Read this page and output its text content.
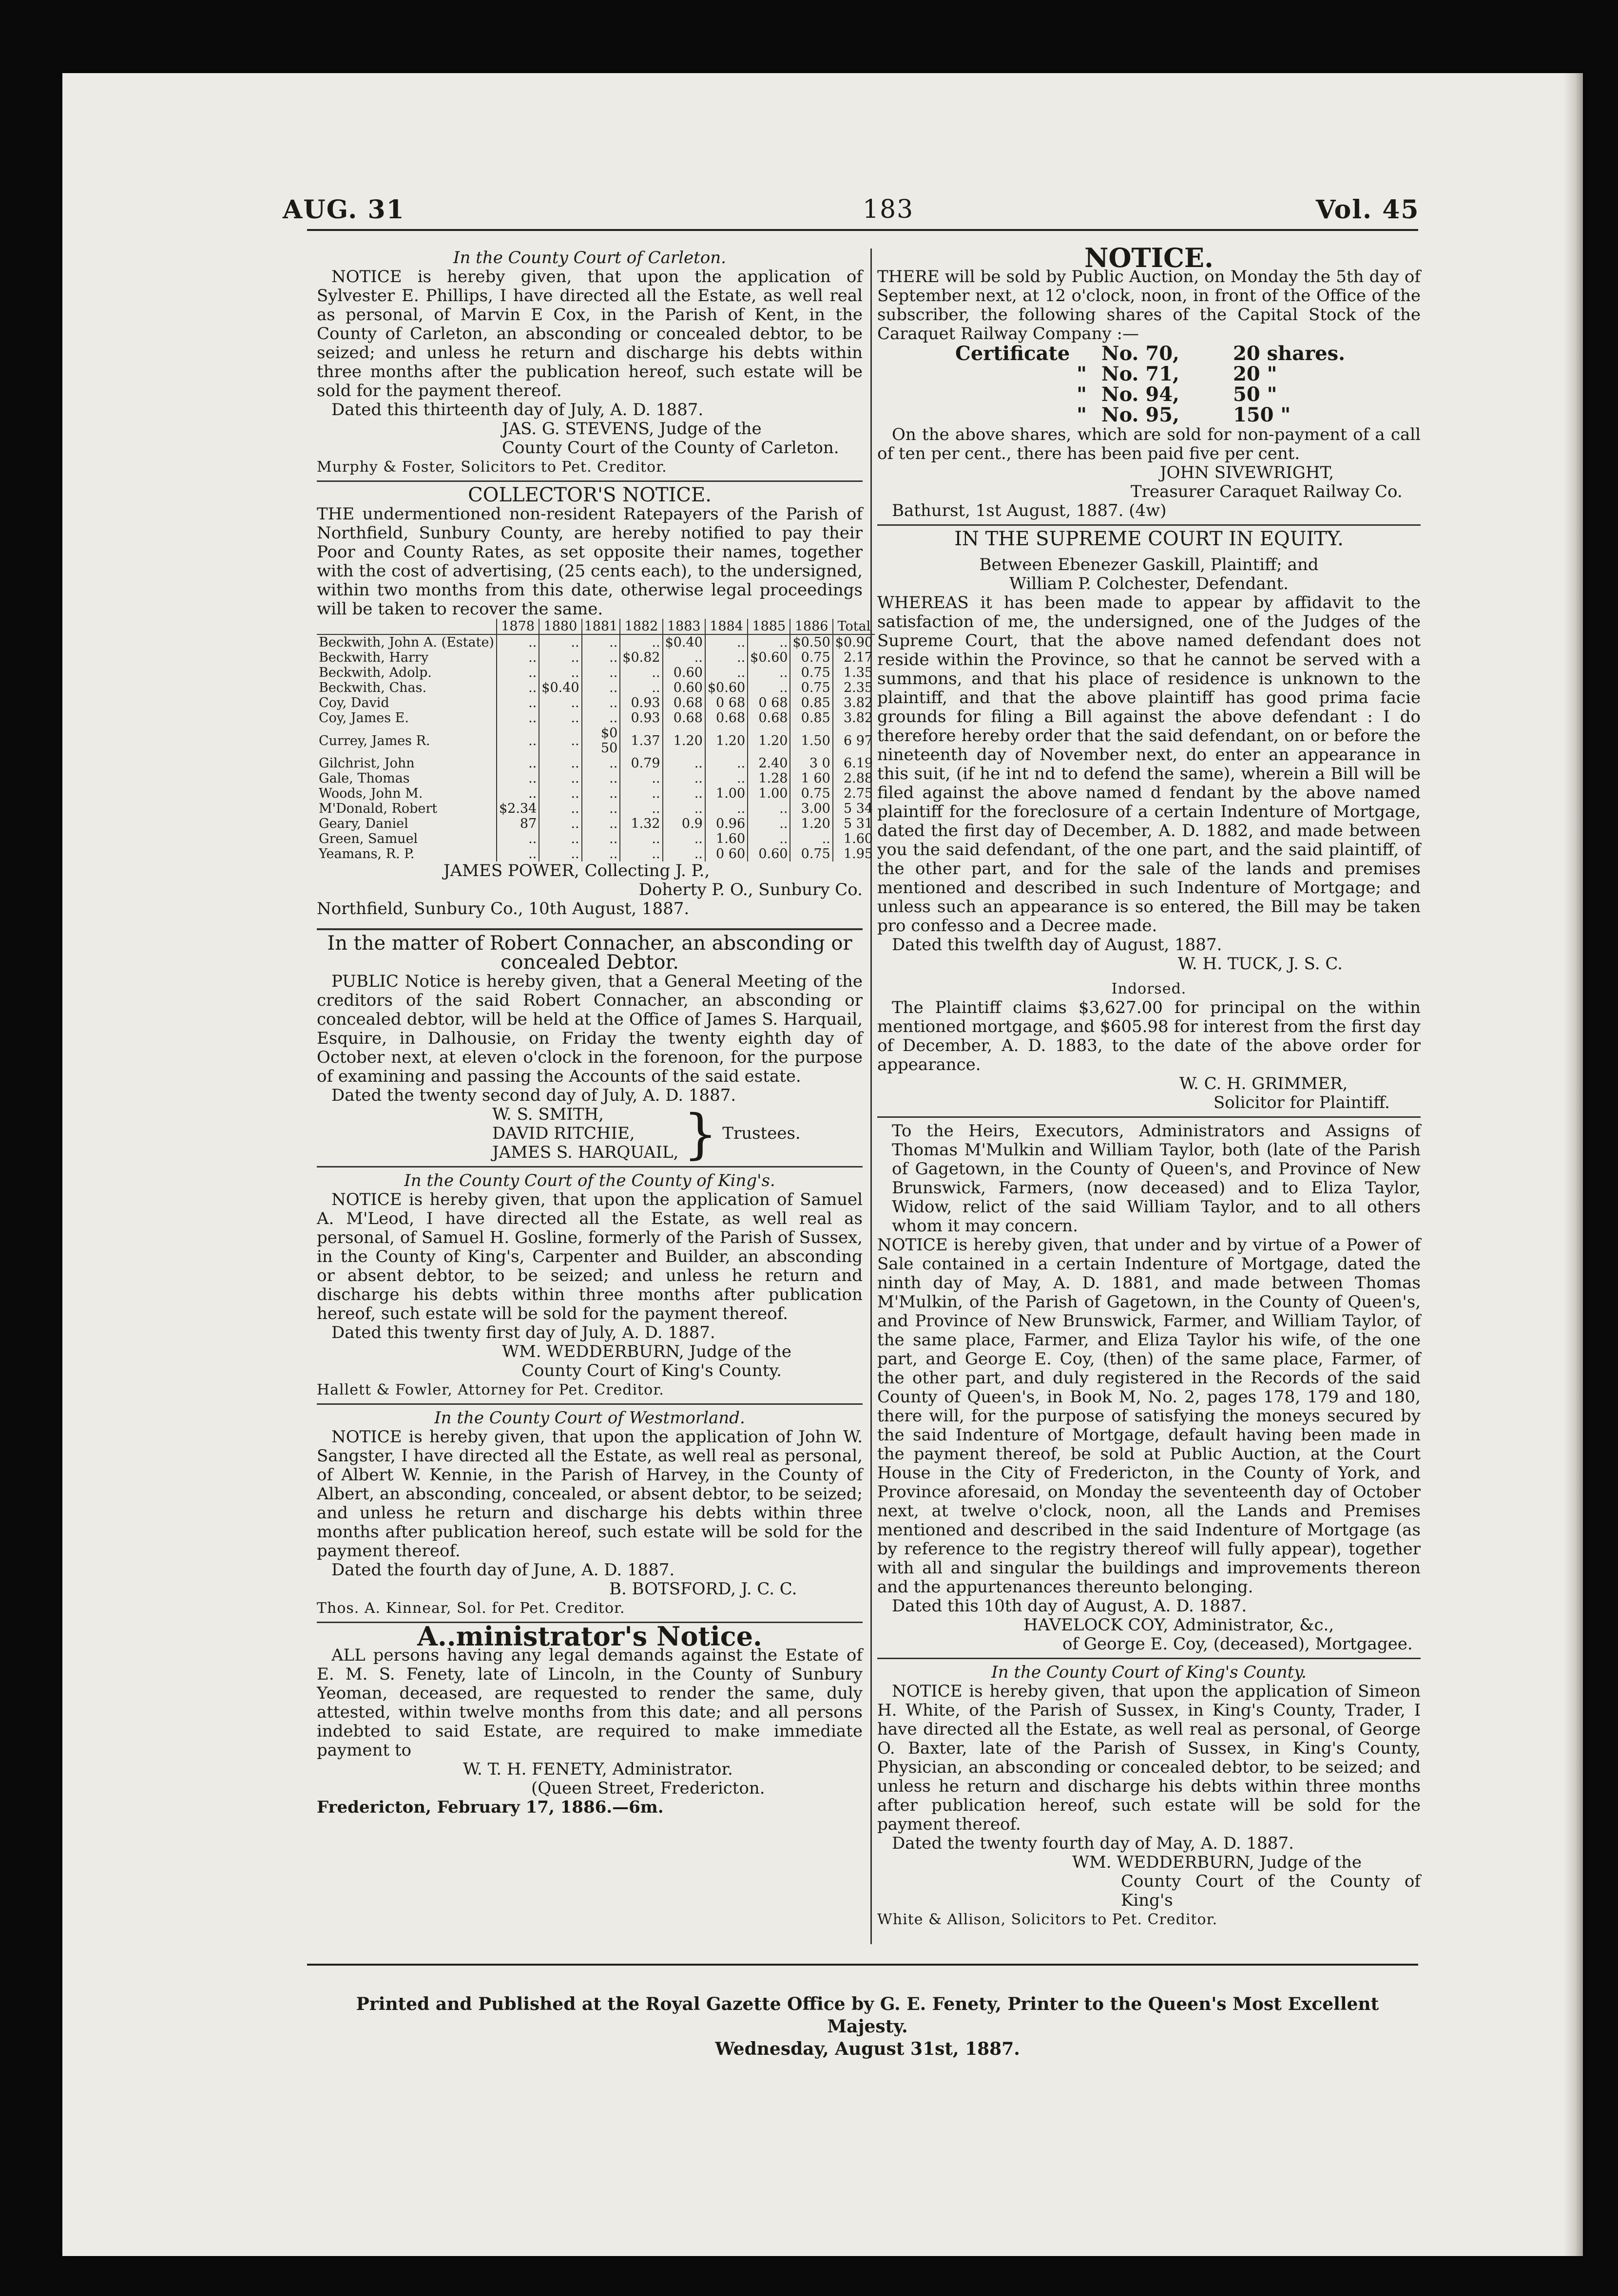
AUG. 31	183	Vol. 45

In the County Court of Carleton.

NOTICE is hereby given, that upon the application of Sylvester E. Phillips, I have directed all the Estate, as well real as personal, of Marvin E Cox, in the Parish of Kent, in the County of Carleton, an absconding or concealed debtor, to be seized; and unless he return and discharge his debts within three months after the publication hereof, such estate will be sold for the payment thereof.

Dated this thirteenth day of July, A. D. 1887.

JAS. G. STEVENS, Judge of the

County Court of the County of Carleton.

Murphy & Foster, Solicitors to Pet. Creditor.

COLLECTOR'S NOTICE.

THE undermentioned non-resident Ratepayers of the Parish of Northfield, Sunbury County, are hereby notified to pay their Poor and County Rates, as set opposite their names, together with the cost of advertising, (25 cents each), to the undersigned, within two months from this date, otherwise legal proceedings will be taken to recover the same.

	1878	1880	1881	1882	1883	1884	1885	1886	Total
Beckwith, John A. (Estate)	..	..	..	..	$0.40	..	..	$0.50	$0.90
Beckwith, Harry	..	..	..	$0.82	..	..	$0.60	0.75	2.17
Beckwith, Adolp.	..	..	..	..	0.60	..	..	0.75	1.35
Beckwith, Chas.	..	$0.40	..	..	0.60	$0.60	..	0.75	2.35
Coy, David	..	..	..	0.93	0.68	0 68	0 68	0.85	3.82
Coy, James E.	..	..	..	0.93	0.68	0.68	0.68	0.85	3.82
Currey, James R.	..	..	$0 50	1.37	1.20	1.20	1.20	1.50	6 97
Gilchrist, John	..	..	..	0.79	..	..	2.40	3 0	6.19
Gale, Thomas	..	..	..	..	..	..	1.28	1 60	2.88
Woods, John M.	..	..	..	..	..	1.00	1.00	0.75	2.75
M'Donald, Robert	$2.34	..	..	..	..	..	..	3.00	5 34
Geary, Daniel	87	..	..	1.32	0.9	0.96	..	1.20	5 31
Green, Samuel	..	..	..	..	..	1.60	..	..	1.60
Yeamans, R. P.	..	..	..	..	..	0 60	0.60	0.75	1.95

JAMES POWER, Collecting J. P.,

Doherty P. O., Sunbury Co.

Northfield, Sunbury Co., 10th August, 1887.

In the matter of Robert Connacher, an absconding or concealed Debtor.

PUBLIC Notice is hereby given, that a General Meeting of the creditors of the said Robert Connacher, an absconding or concealed debtor, will be held at the Office of James S. Harquail, Esquire, in Dalhousie, on Friday the twenty eighth day of October next, at eleven o'clock in the forenoon, for the purpose of examining and passing the Accounts of the said estate.

Dated the twenty second day of July, A. D. 1887.

W. S. SMITH,

DAVID RITCHIE,

JAMES S. HARQUAIL, } Trustees.

In the County Court of the County of King's.

NOTICE is hereby given, that upon the application of Samuel A. M'Leod, I have directed all the Estate, as well real as personal, of Samuel H. Gosline, formerly of the Parish of Sussex, in the County of King's, Carpenter and Builder, an absconding or absent debtor, to be seized; and unless he return and discharge his debts within three months after publication hereof, such estate will be sold for the payment thereof.

Dated this twenty first day of July, A. D. 1887.

WM. WEDDERBURN, Judge of the

County Court of King's County.

Hallett & Fowler, Attorney for Pet. Creditor.

In the County Court of Westmorland.

NOTICE is hereby given, that upon the application of John W. Sangster, I have directed all the Estate, as well real as personal, of Albert W. Kennie, in the Parish of Harvey, in the County of Albert, an absconding, concealed, or absent debtor, to be seized; and unless he return and discharge his debts within three months after publication hereof, such estate will be sold for the payment thereof.

Dated the fourth day of June, A. D. 1887.

B. BOTSFORD, J. C. C.

Thos. A. Kinnear, Sol. for Pet. Creditor.

A..ministrator's Notice.

ALL persons having any legal demands against the Estate of E. M. S. Fenety, late of Lincoln, in the County of Sunbury Yeoman, deceased, are requested to render the same, duly attested, within twelve months from this date; and all persons indebted to said Estate, are required to make immediate payment to

W. T. H. FENETY, Administrator.

(Queen Street, Fredericton.

Fredericton, February 17, 1886.—6m.

NOTICE.

THERE will be sold by Public Auction, on Monday the 5th day of September next, at 12 o'clock, noon, in front of the Office of the subscriber, the following shares of the Capital Stock of the Caraquet Railway Company :—

Certificate No. 70,	20 shares.
" No. 71,	20 "
" No. 94,	50 "
" No. 95,	150 "

On the above shares, which are sold for non-payment of a call of ten per cent., there has been paid five per cent.

JOHN SIVEWRIGHT,

Treasurer Caraquet Railway Co.

Bathurst, 1st August, 1887. (4w)

IN THE SUPREME COURT IN EQUITY.

Between Ebenezer Gaskill, Plaintiff; and

William P. Colchester, Defendant.

WHEREAS it has been made to appear by affidavit to the satisfaction of me, the undersigned, one of the Judges of the Supreme Court, that the above named defendant does not reside within the Province, so that he cannot be served with a summons, and that his place of residence is unknown to the plaintiff, and that the above plaintiff has good prima facie grounds for filing a Bill against the above defendant : I do therefore hereby order that the said defendant, on or before the nineteenth day of November next, do enter an appearance in this suit, (if he int nd to defend the same), wherein a Bill will be filed against the above named d fendant by the above named plaintiff for the foreclosure of a certain Indenture of Mortgage, dated the first day of December, A. D. 1882, and made between you the said defendant, of the one part, and the said plaintiff, of the other part, and for the sale of the lands and premises mentioned and described in such Indenture of Mortgage; and unless such an appearance is so entered, the Bill may be taken pro confesso and a Decree made.

Dated this twelfth day of August, 1887.

W. H. TUCK, J. S. C.

Indorsed.

The Plaintiff claims $3,627.00 for principal on the within mentioned mortgage, and $605.98 for interest from the first day of December, A. D. 1883, to the date of the above order for appearance.

W. C. H. GRIMMER,

Solicitor for Plaintiff.

To the Heirs, Executors, Administrators and Assigns of Thomas M'Mulkin and William Taylor, both (late of the Parish of Gagetown, in the County of Queen's, and Province of New Brunswick, Farmers, (now deceased) and to Eliza Taylor, Widow, relict of the said William Taylor, and to all others whom it may concern.

NOTICE is hereby given, that under and by virtue of a Power of Sale contained in a certain Indenture of Mortgage, dated the ninth day of May, A. D. 1881, and made between Thomas M'Mulkin, of the Parish of Gagetown, in the County of Queen's, and Province of New Brunswick, Farmer, and William Taylor, of the same place, Farmer, and Eliza Taylor his wife, of the one part, and George E. Coy, (then) of the same place, Farmer, of the other part, and duly registered in the Records of the said County of Queen's, in Book M, No. 2, pages 178, 179 and 180, there will, for the purpose of satisfying the moneys secured by the said Indenture of Mortgage, default having been made in the payment thereof, be sold at Public Auction, at the Court House in the City of Fredericton, in the County of York, and Province aforesaid, on Monday the seventeenth day of October next, at twelve o'clock, noon, all the Lands and Premises mentioned and described in the said Indenture of Mortgage (as by reference to the registry thereof will fully appear), together with all and singular the buildings and improvements thereon and the appurtenances thereunto belonging.

Dated this 10th day of August, A. D. 1887.

HAVELOCK COY, Administrator, &c.,

of George E. Coy, (deceased), Mortgagee.

In the County Court of King's County.

NOTICE is hereby given, that upon the application of Simeon H. White, of the Parish of Sussex, in King's County, Trader, I have directed all the Estate, as well real as personal, of George O. Baxter, late of the Parish of Sussex, in King's County, Physician, an absconding or concealed debtor, to be seized; and unless he return and discharge his debts within three months after publication hereof, such estate will be sold for the payment thereof.

Dated the twenty fourth day of May, A. D. 1887.

WM. WEDDERBURN, Judge of the

County Court of the County of King's

White & Allison, Solicitors to Pet. Creditor.

Printed and Published at the Royal Gazette Office by G. E. Fenety, Printer to the Queen's Most Excellent Majesty.

Wednesday, August 31st, 1887.
